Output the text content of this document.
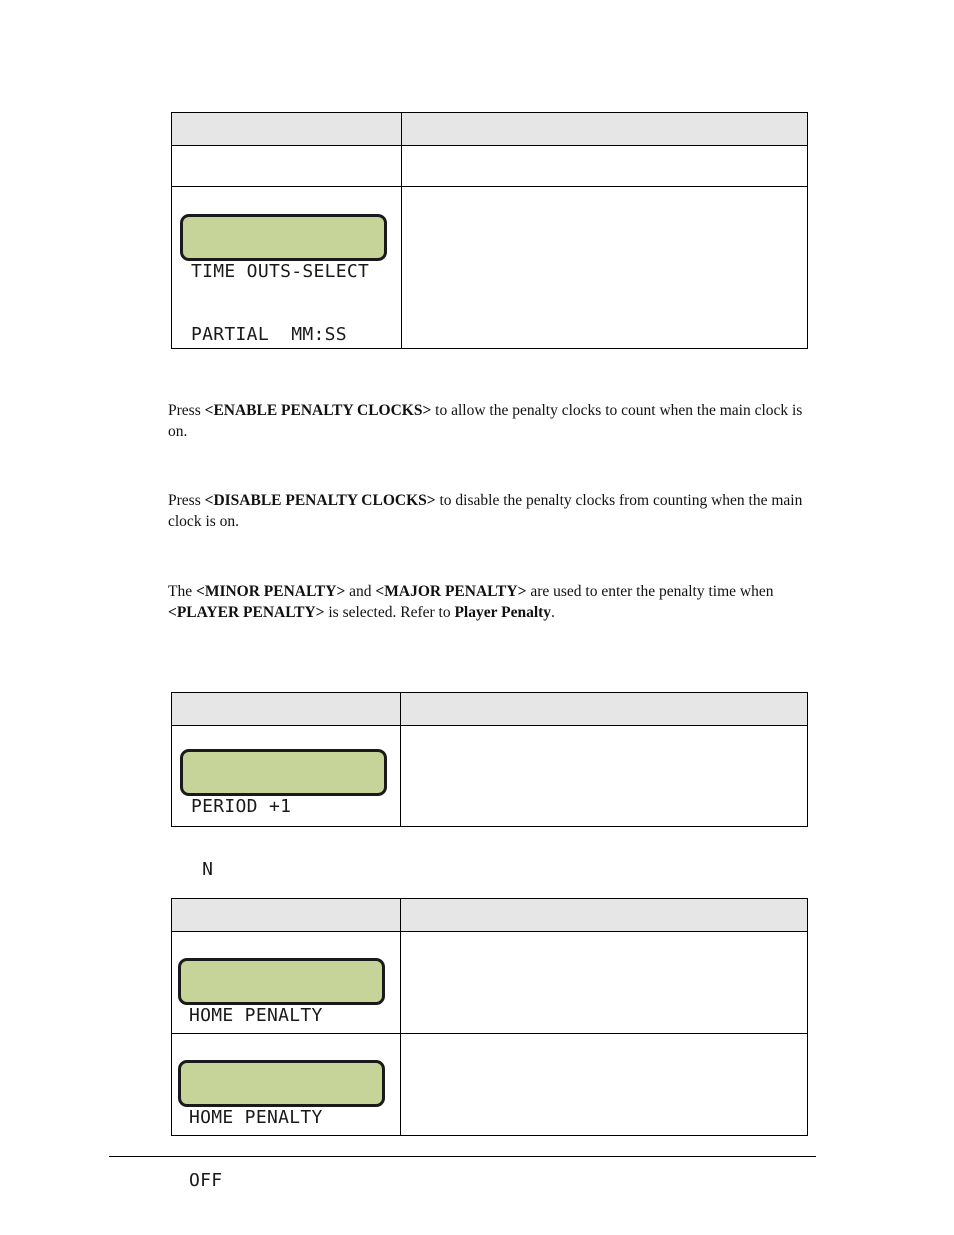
TIME OUTS-SELECT

PARTIAL  MM:SS	

Press <ENABLE PENALTY CLOCKS> to allow the penalty clocks to count when the main clock is on.

Press <DISABLE PENALTY CLOCKS> to disable the penalty clocks from counting when the main clock is on.

The <MINOR PENALTY> and <MAJOR PENALTY> are used to enter the penalty time when <PLAYER PENALTY> is selected. Refer to Player Penalty.

PERIOD +1

N	

HOME PENALTY	

HOME PENALTY

OFF	
